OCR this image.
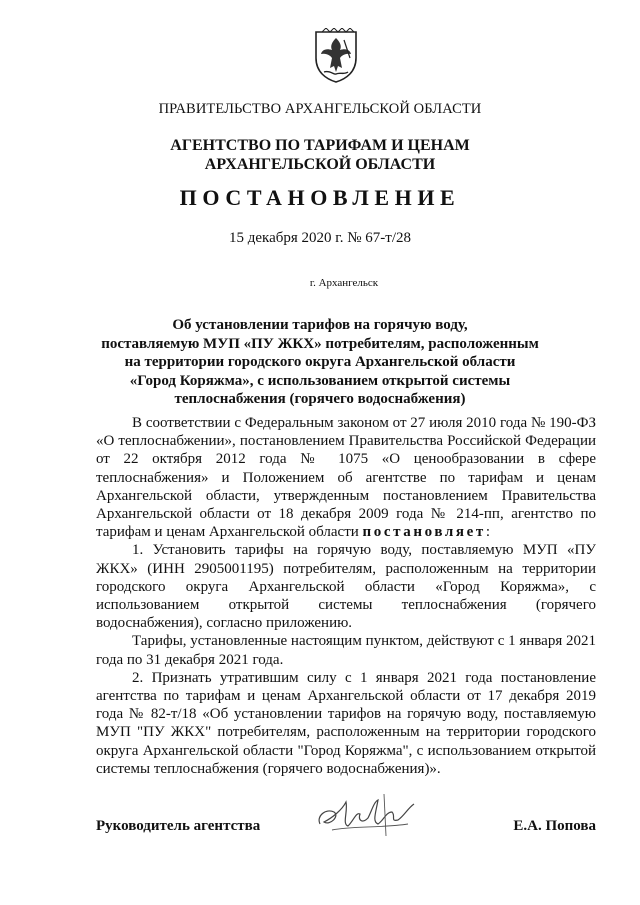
ПРАВИТЕЛЬСТВО АРХАНГЕЛЬСКОЙ ОБЛАСТИ
АГЕНТСТВО ПО ТАРИФАМ И ЦЕНАМ
АРХАНГЕЛЬСКОЙ ОБЛАСТИ
ПОСТАНОВЛЕНИЕ
15 декабря 2020 г. № 67-т/28
г. Архангельск
Об установлении тарифов на горячую воду,
поставляемую МУП «ПУ ЖКХ» потребителям, расположенным
на территории городского округа Архангельской области
«Город Коряжма», с использованием открытой системы
теплоснабжения (горячего водоснабжения)

В соответствии с Федеральным законом от 27 июля 2010 года № 190-ФЗ «О теплоснабжении», постановлением Правительства Российской Федерации от 22 октября 2012 года № 1075 «О ценообразовании в сфере теплоснабжения» и Положением об агентстве по тарифам и ценам Архангельской области, утвержденным постановлением Правительства Архангельской области от 18 декабря 2009 года № 214-пп, агентство по тарифам и ценам Архангельской области постановляет:

1. Установить тарифы на горячую воду, поставляемую МУП «ПУ ЖКХ» (ИНН 2905001195) потребителям, расположенным на территории городского округа Архангельской области «Город Коряжма», с использованием открытой системы теплоснабжения (горячего водоснабжения), согласно приложению.

Тарифы, установленные настоящим пунктом, действуют с 1 января 2021 года по 31 декабря 2021 года.

2. Признать утратившим силу с 1 января 2021 года постановление агентства по тарифам и ценам Архангельской области от 17 декабря 2019 года № 82-т/18 «Об установлении тарифов на горячую воду, поставляемую МУП "ПУ ЖКХ" потребителям, расположенным на территории городского округа Архангельской области "Город Коряжма", с использованием открытой системы теплоснабжения (горячего водоснабжения)».

Руководитель агентства	Е.А. Попова
